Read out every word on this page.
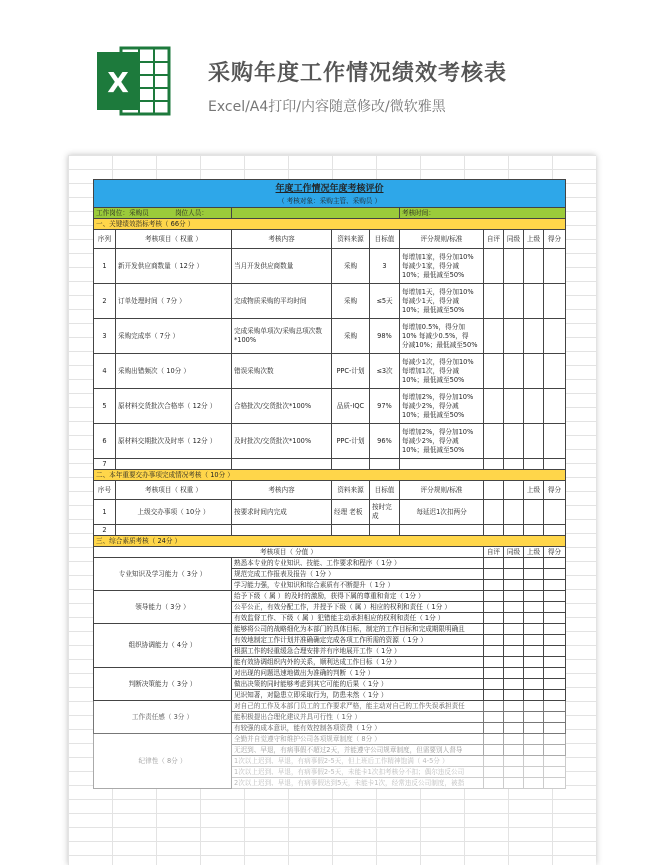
X	采购年度工作情况绩效考核表
Excel/A4打印/内容随意修改/微软雅黑
年度工作情况年度考核评价									
（ 考核对象：采购主管、采购员 ）									
工作岗位：采购员 岗位人员：					考核时间：				
一、关键绩效指标考核（ 66分 ）									
序列	考核项目（ 权重 ）	考核内容	资料来源	目标值	评分规则/标准	自评	同级	上级	得分
1	新开发供应商数量（ 12分 ）	当月开发供应商数量	采购	3	每增加1家，得分加10%
每减少1家，得分减
10%；最低减至50%				

2	订单处理时间（ 7分 ）	完成物质采购的平均时间	采购	≤5天	每增加1天，得分加10%
每减少1天，得分减
10%；最低减至50%				

3	采购完成率（ 7分 ）	完成采购单项次/采购总项次数*100%	采购	98%	每增加0.5%，得分加
10% 每减少0.5%，得
分减10%；最低减至50%				

4	采购出错频次（ 10分 ）	错误采购次数	PPC-计划	≤3次	每减少1次，得分加10%
每增加1次，得分减
10%；最低减至50%				

5	原材料交货批次合格率（ 12分 ）	合格批次/交货批次*100%	品质-IQC	97%	每增加2%，得分加10%
每减少2%，得分减
10%；最低减至50%				

6	原材料交期批次及时率（ 12分 ）	及时批次/交货批次*100%	PPC-计划	96%	每增加2%，得分加10%
每减少2%，得分减
10%；最低减至50%				

7									
二、本年重要交办事项完成情况考核（ 10分 ）									
序号	考核项目（ 权重 ）	考核内容	资料来源	目标值	评分规则/标准			上级	得分
1	上级交办事项（ 10分 ）	按要求时间内完成	经理 老板	按时完成	每延迟1次扣两分				
2									
三、综合素质考核（ 24分 ）									
考核项目（ 分值 ）						自评	同级	上级	得分
专业知识及学习能力（ 3分 ）		熟悉本专业的专业知识、技能、工作要求和程序（ 1分 ）							
		规范完成工作报表及报告（ 1分 ）							
		学习能力强，专业知识和综合素质有不断提升（ 1分 ）							
领导能力（ 3分 ）		给予下级（ 属 ）的及时的激励，获得下属的尊重和肯定（ 1分 ）							
		公平公正，有效分配工作，并授予下级（ 属 ）相应的权利和责任（ 1分 ）							
		有效监督工作、下级（ 属 ）犯错能主动承担相应的权利和责任（ 1分 ）							
组织协调能力（ 4分 ）		能够将公司的战略细化为本部门的具体目标，制定的工作目标和完成期限明确且							
		有效地制定工作计划并准确确定完成各项工作所需的资源（ 1分 ）							
		根据工作的轻重缓急合理安排并有序地展开工作（ 1分 ）							
		能有效协调组织内外的关系，顺利达成工作目标（ 1分 ）							
判断决策能力（ 3分 ）		对出现的问题迅速地做出为准确的判断（ 1分 ）							
		做出决策的同时能够考虑到其它可能的后果（ 1分 ）							
		见识知著，对隐患立即采取行为，防患未然（ 1分 ）							
工作责任感（ 3分 ）		对自己的工作及本部门员工的工作要求严格，能主动对自己的工作失误承担责任							
		能积极提出合理化建议并具可行性（ 1分 ）							
		有较强的成本意识，能有效控制各项资费（ 1分 ）							
纪律性（ 8分 ）		全勤并自觉遵守和维护公司各项规章制度（ 8分 ）							
		无迟到、早退，有病事假不超过2天，并能遵守公司规章制度，但需要别人督导							
		1次以上迟到、早退，有病事假2-5天，但上班后工作精神饱满（ 4-5分 ）							
		1次以上迟到、早退，有病事假2-5天，未能卡1次扣考核分不扣；偶尔违反公司							
		2次以上迟到、早退，有病事假达到5天，未能卡1次，经常违反公司制度，被指							
